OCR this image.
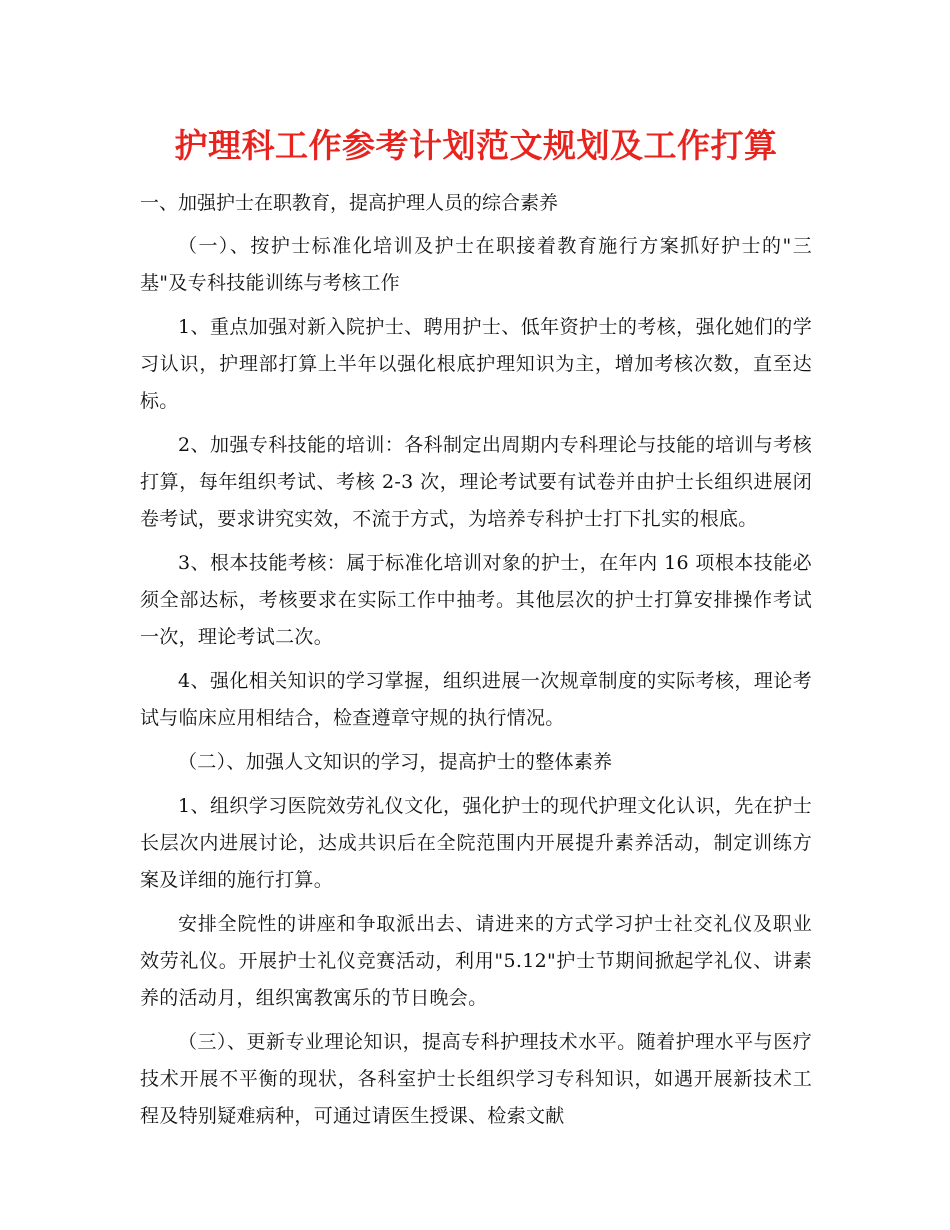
护理科工作参考计划范文规划及工作打算

一、加强护士在职教育，提高护理人员的综合素养

（一）、按护士标准化培训及护士在职接着教育施行方案抓好护士的"三基"及专科技能训练与考核工作

1、重点加强对新入院护士、聘用护士、低年资护士的考核，强化她们的学习认识，护理部打算上半年以强化根底护理知识为主，增加考核次数，直至达标。

2、加强专科技能的培训：各科制定出周期内专科理论与技能的培训与考核打算，每年组织考试、考核 2-3 次，理论考试要有试卷并由护士长组织进展闭卷考试，要求讲究实效，不流于方式，为培养专科护士打下扎实的根底。

3、根本技能考核：属于标准化培训对象的护士，在年内 16 项根本技能必须全部达标，考核要求在实际工作中抽考。其他层次的护士打算安排操作考试一次，理论考试二次。

4、强化相关知识的学习掌握，组织进展一次规章制度的实际考核，理论考试与临床应用相结合，检查遵章守规的执行情况。

（二）、加强人文知识的学习，提高护士的整体素养

1、组织学习医院效劳礼仪文化，强化护士的现代护理文化认识，先在护士长层次内进展讨论，达成共识后在全院范围内开展提升素养活动，制定训练方案及详细的施行打算。

安排全院性的讲座和争取派出去、请进来的方式学习护士社交礼仪及职业效劳礼仪。开展护士礼仪竞赛活动，利用"5.12"护士节期间掀起学礼仪、讲素养的活动月，组织寓教寓乐的节日晚会。

（三）、更新专业理论知识，提高专科护理技术水平。随着护理水平与医疗技术开展不平衡的现状，各科室护士长组织学习专科知识，如遇开展新技术工程及特别疑难病种，可通过请医生授课、检索文献
